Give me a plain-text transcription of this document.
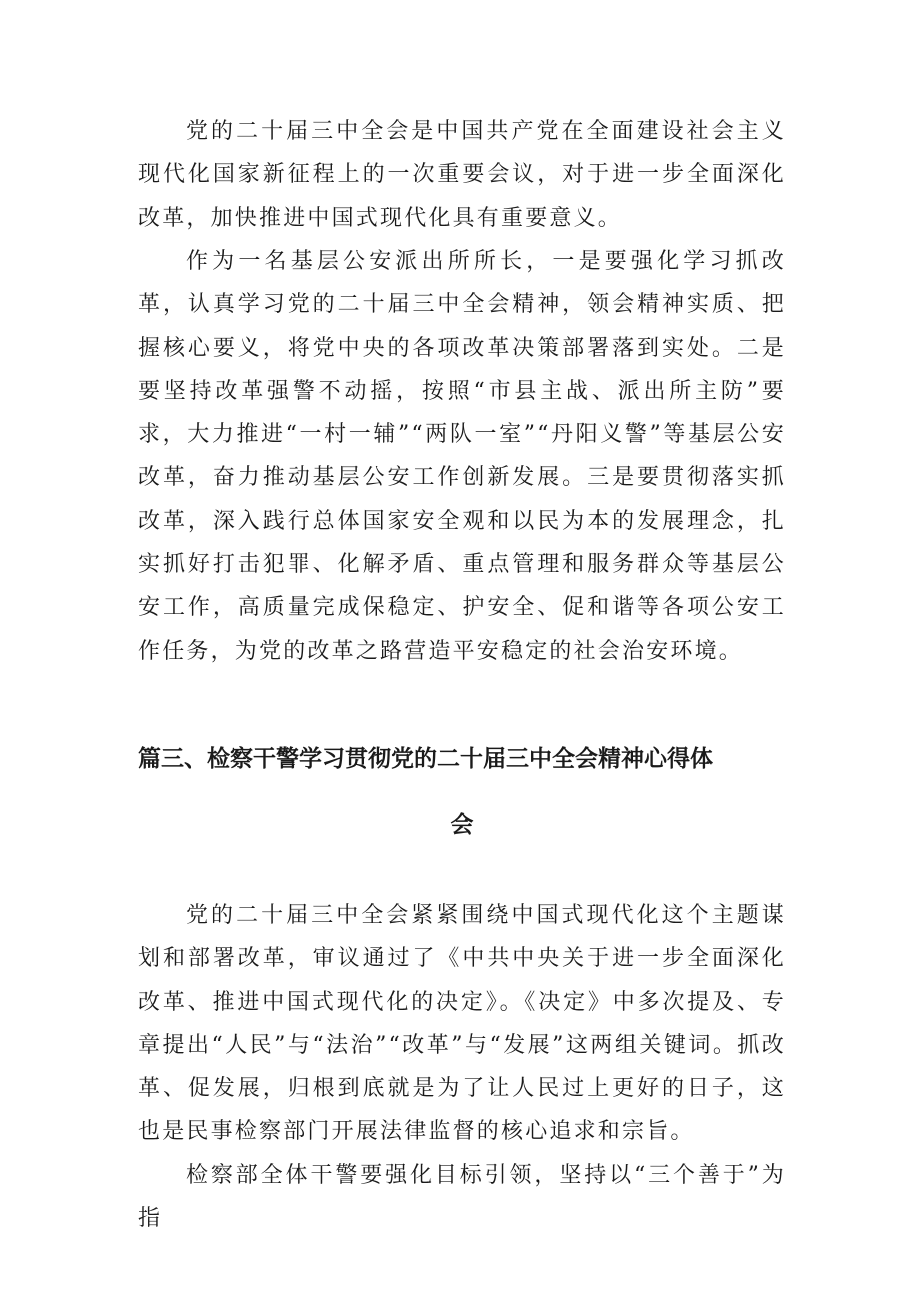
党的二十届三中全会是中国共产党在全面建设社会主义现代化国家新征程上的一次重要会议，对于进一步全面深化改革，加快推进中国式现代化具有重要意义。

作为一名基层公安派出所所长，一是要强化学习抓改革，认真学习党的二十届三中全会精神，领会精神实质、把握核心要义，将党中央的各项改革决策部署落到实处。二是要坚持改革强警不动摇，按照“市县主战、派出所主防”要求，大力推进“一村一辅”“两队一室”“丹阳义警”等基层公安改革，奋力推动基层公安工作创新发展。三是要贯彻落实抓改革，深入践行总体国家安全观和以民为本的发展理念，扎实抓好打击犯罪、化解矛盾、重点管理和服务群众等基层公安工作，高质量完成保稳定、护安全、促和谐等各项公安工作任务，为党的改革之路营造平安稳定的社会治安环境。

篇三、检察干警学习贯彻党的二十届三中全会精神心得体
会

党的二十届三中全会紧紧围绕中国式现代化这个主题谋划和部署改革，审议通过了《中共中央关于进一步全面深化改革、推进中国式现代化的决定》。《决定》中多次提及、专章提出“人民”与“法治”“改革”与“发展”这两组关键词。抓改革、促发展，归根到底就是为了让人民过上更好的日子，这也是民事检察部门开展法律监督的核心追求和宗旨。

检察部全体干警要强化目标引领，坚持以“三个善于”为指
